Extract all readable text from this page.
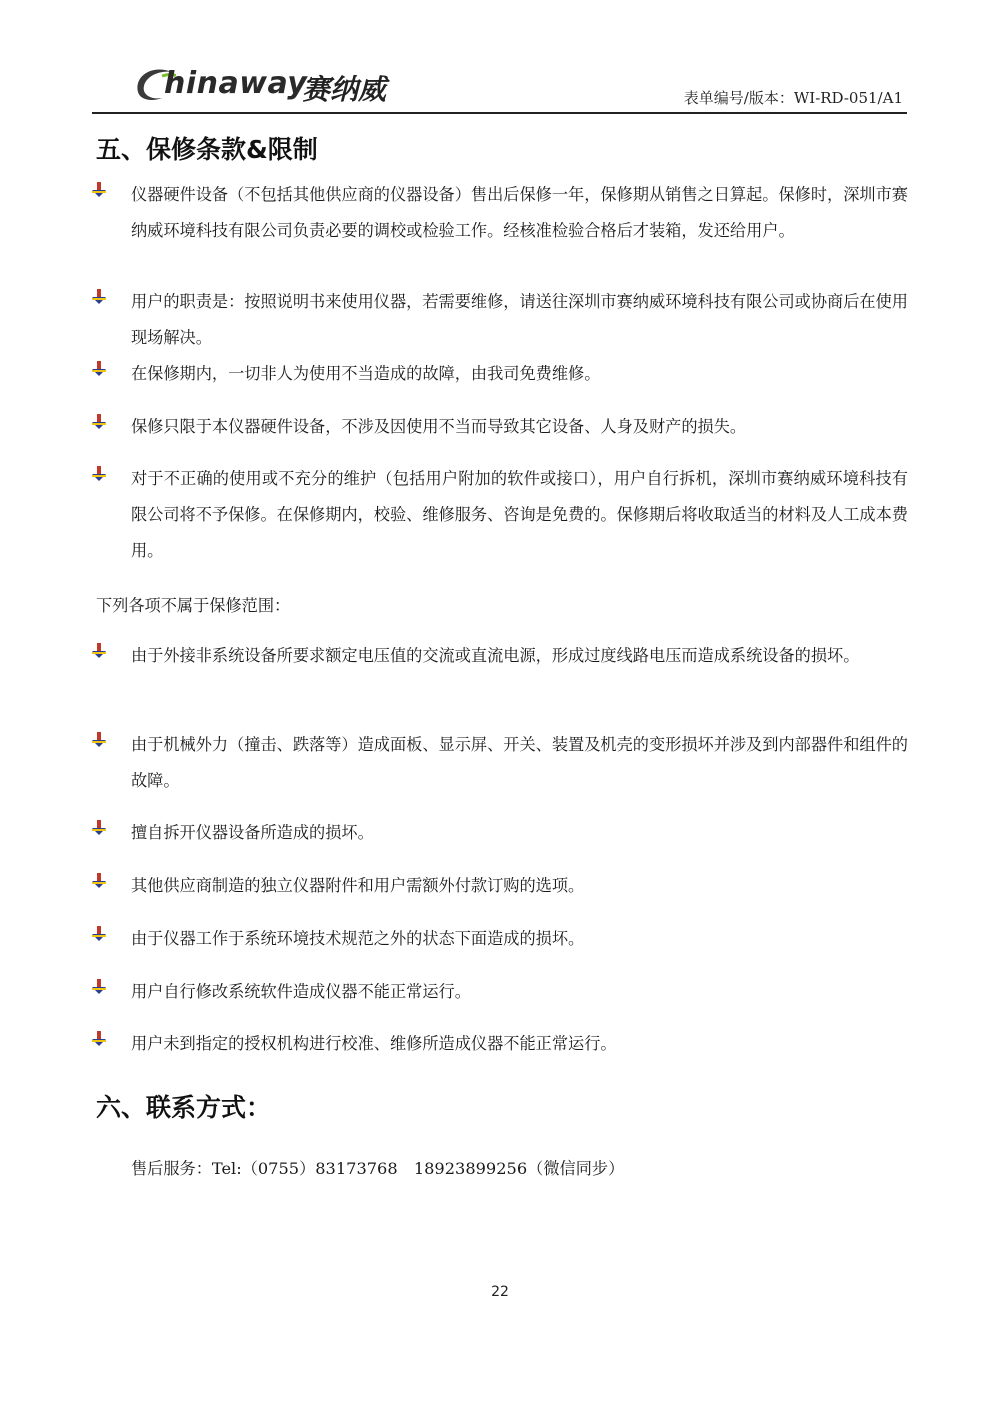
hinaway
赛纳威	表单编号/版本：WI-RD-051/A1
五、保修条款&限制
仪器硬件设备（不包括其他供应商的仪器设备）售出后保修一年，保修期从销售之日算起。保修时，深圳市赛纳威环境科技有限公司负责必要的调校或检验工作。经核准检验合格后才装箱，发还给用户。
用户的职责是：按照说明书来使用仪器，若需要维修，请送往深圳市赛纳威环境科技有限公司或协商后在使用现场解决。
在保修期内，一切非人为使用不当造成的故障，由我司免费维修。
保修只限于本仪器硬件设备，不涉及因使用不当而导致其它设备、人身及财产的损失。
对于不正确的使用或不充分的维护（包括用户附加的软件或接口），用户自行拆机，深圳市赛纳威环境科技有限公司将不予保修。在保修期内，校验、维修服务、咨询是免费的。保修期后将收取适当的材料及人工成本费用。
下列各项不属于保修范围：
由于外接非系统设备所要求额定电压值的交流或直流电源，形成过度线路电压而造成系统设备的损坏。
由于机械外力（撞击、跌落等）造成面板、显示屏、开关、装置及机壳的变形损坏并涉及到内部器件和组件的故障。
擅自拆开仪器设备所造成的损坏。
其他供应商制造的独立仪器附件和用户需额外付款订购的选项。
由于仪器工作于系统环境技术规范之外的状态下面造成的损坏。
用户自行修改系统软件造成仪器不能正常运行。
用户未到指定的授权机构进行校准、维修所造成仪器不能正常运行。
六、联系方式：
售后服务：Tel:（0755）83173768　18923899256（微信同步）
22
